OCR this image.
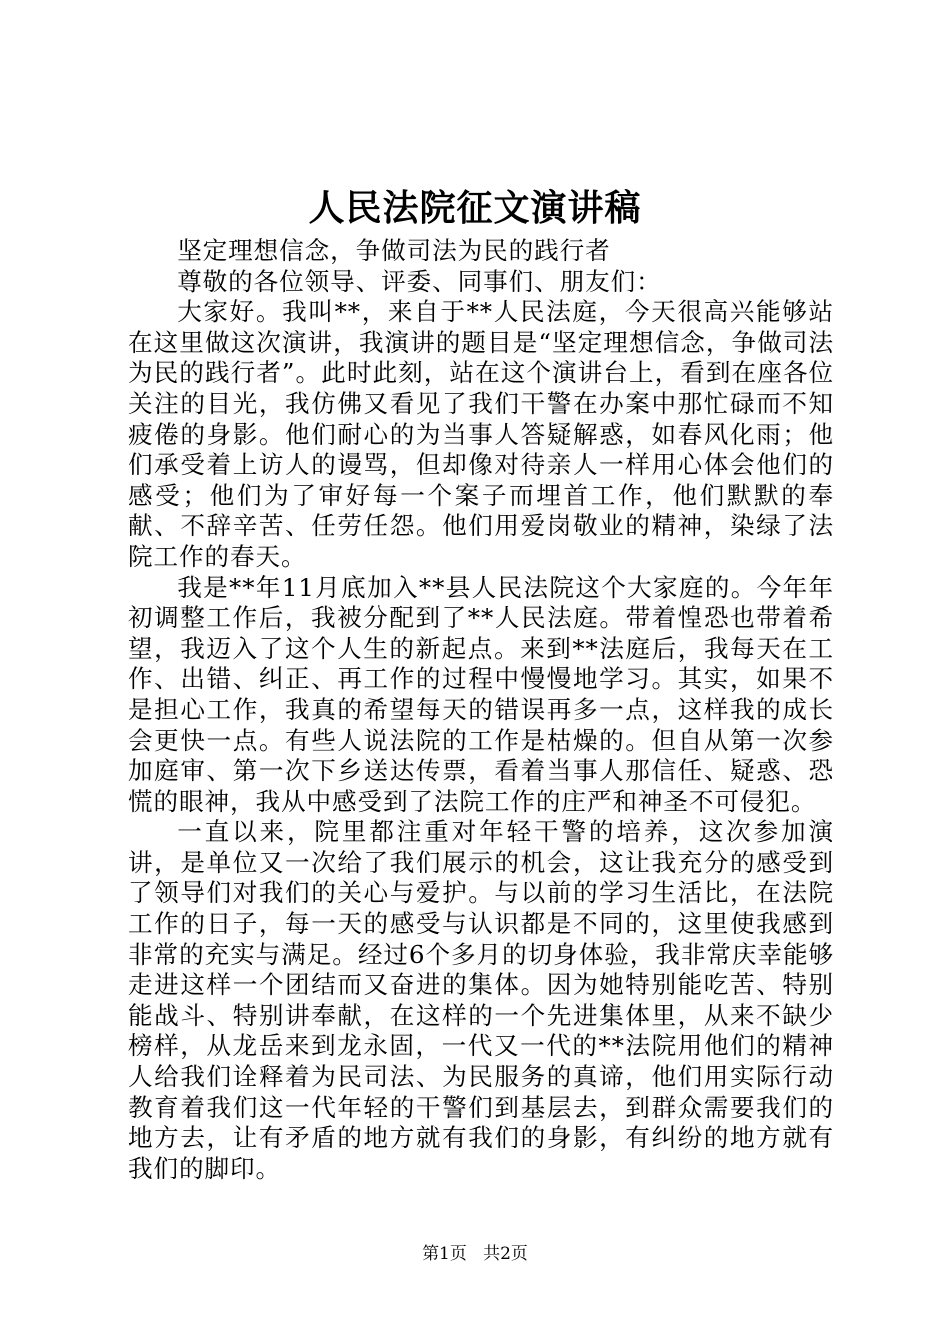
人民法院征文演讲稿

坚定理想信念，争做司法为民的践行者

尊敬的各位领导、评委、同事们、朋友们：

大家好。我叫**，来自于**人民法庭，今天很高兴能够站在这里做这次演讲，我演讲的题目是“坚定理想信念，争做司法为民的践行者”。此时此刻，站在这个演讲台上，看到在座各位关注的目光，我仿佛又看见了我们干警在办案中那忙碌而不知疲倦的身影。他们耐心的为当事人答疑解惑，如春风化雨；他们承受着上访人的谩骂，但却像对待亲人一样用心体会他们的感受；他们为了审好每一个案子而埋首工作，他们默默的奉献、不辞辛苦、任劳任怨。他们用爱岗敬业的精神，染绿了法院工作的春天。

我是**年11月底加入**县人民法院这个大家庭的。今年年初调整工作后，我被分配到了**人民法庭。带着惶恐也带着希望，我迈入了这个人生的新起点。来到**法庭后，我每天在工作、出错、纠正、再工作的过程中慢慢地学习。其实，如果不是担心工作，我真的希望每天的错误再多一点，这样我的成长会更快一点。有些人说法院的工作是枯燥的。但自从第一次参加庭审、第一次下乡送达传票，看着当事人那信任、疑惑、恐慌的眼神，我从中感受到了法院工作的庄严和神圣不可侵犯。

一直以来，院里都注重对年轻干警的培养，这次参加演讲，是单位又一次给了我们展示的机会，这让我充分的感受到了领导们对我们的关心与爱护。与以前的学习生活比，在法院工作的日子，每一天的感受与认识都是不同的，这里使我感到非常的充实与满足。经过6个多月的切身体验，我非常庆幸能够走进这样一个团结而又奋进的集体。因为她特别能吃苦、特别能战斗、特别讲奉献，在这样的一个先进集体里，从来不缺少榜样，从龙岳来到龙永固，一代又一代的**法院用他们的精神人给我们诠释着为民司法、为民服务的真谛，他们用实际行动教育着我们这一代年轻的干警们到基层去，到群众需要我们的地方去，让有矛盾的地方就有我们的身影，有纠纷的地方就有我们的脚印。

第1页 共2页
